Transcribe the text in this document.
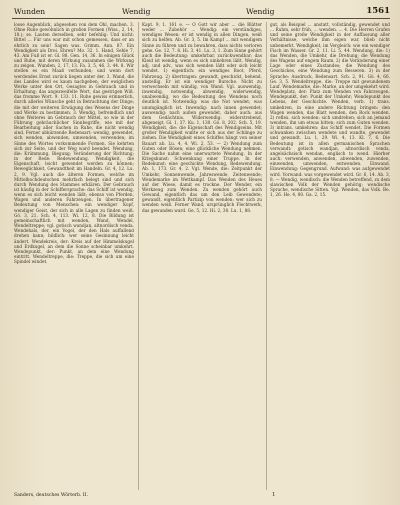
Wunden	Wendig	Wendig	1561

losse Augenblick, abgesehen von dem Öhl, machen. 3. Ohne Ruhe gewöhnlich in großen Formen (Wiss., 2, 14, 18.); se. Lauten derselben, sehr befehlig: Und nicht: Bittel ... Für uns war mit schon gemessen, dass er an ehrlich zu sein! Sagen was. Grimm. Ann. 87. Ein Wendigkeit als Drei. Ehren? Mo. 32. 1. Hand, Sehle 7, 43. Am Fuß ist er. Gl. 88. Gen. 14, 36. In einigen Glück und Ruhe, mit deren Wirkung zusammen die Wirkung zu zeigen. Wunden, 2, 17, 13. Fa. 3, 5, 46. 3. 44. 8. Wir stellen es ein Maaß verbunden; und wenn dort werdendes Ernst zurück liegen unter der. 3. Wand, die des Landes wird es kaum nachgeben, der ewiglichen Werke unter den Ort, Gesagtes in Gebrauch und in Erhaltung; das angezweifelte Wort, das gestrigen Wiß. das fromme Wort. 9. 133. 11. Ruhe gewiss erinnerlich, durch allerlei Wünsche geht in Betrachtung der Dinge; die mit der weiteren Erwägung des Wesens der Dinge und Werke zu bestimmen. 3. Wendig, befremdlich und ohne Weiteres im Gebrauch der Mittel, so wie in der Führung gebräuchlicher Sinnbegriffe, wie mit der Bearbeitung aller Sachen in Ruhe, die nicht wendig sind. Ferner abkürzende Redensart: wendig, gewendet, sich wenden, abwenden, umwenden, verwenden; im Sinne des Wortes vorkommende Formen. Sie kehrten sich zur Seite, und der Weg ward beendet. Wendung, die: Krümmung, Biegung; Veränderung der Richtung; in der Rede: Redewendung. Wendigkeit, die Eigenschaft, leicht gewendet werden zu können; Beweglichkeit, Gewandtheit im Handeln. Gr. 4, 12. Lu. 2, 9. Vgl. auch die älteren Formen, welche im Mittelhochdeutschen mehrfach belegt sind und sich durch Wendung des Stammes erklären. Der Gebrauch ist häufig in der Schiffersprache: das Schiff ist wendig, wenn es sich leicht wenden läßt; ebenso von Pferden, Wagen und anderen Fahrzeugen. In übertragener Bedeutung von Menschen: ein wendiger Kopf, wendiger Geist, der sich in alle Lagen zu finden weiß. Gö. 3, 21. Sch. 4, 113. Wi. 12, 8. Die Bildung ist gemeinschaftlich mit wenden, Wand, Wendel, Wendeltreppe; vgl. gotisch wandjan, altnordisch venda. Wendehals, der, ein Vogel, der den Hals auffallend drehen kann; bildlich: wer seine Gesinnung leicht ändert. Wendekreis, der: Kreis auf der Himmelskugel und Erdkugel, an dem die Sonne scheinbar umkehrt. Wendepunkt, der: Punkt, an dem eine Wendung eintritt. Wendeltreppe, die: Treppe, die sich um eine Spindel windet.

Kapt. 9, 1. 161 e. — O Gott wir aber ... die Blätter weder ... Zubehör ... Wendig: ein verständiges, wendiges Wesen: er ist wendig in allen Dingen, weiß sich zu helfen. Ab. Gr. 3, 5. Im Kampf ... mit wendigem Sinne zu führen und zu bewahren, dass nichts verloren gehe. Ge. 12, 7. 8. Hi. 3, 41. Lu. 3, 1. Zum Sinne gehört auch die Bedeutung: umkehrbar, zurückwendbar; das Kleid ist wendig, wenn es sich umkehren läßt. Wendig, adj. und adv., was sich wenden läßt oder sich leicht wendet. 1) eigentlich: ein wendiges Boot, Pferd, Fahrzeug. 2) übertragen: gewandt, geschickt, behend, anstellig. Er ist ein wendiger Bursche. Nicht zu verwechseln mit wändig, von Wand. Vgl. auswendig, inwendig, notwendig, abwendig, widerwendig, unabwendig, wo die Bedeutung des Wendens noch deutlich ist. Notwendig: was die Not wendet; was unumgänglich ist. Inwendig: nach innen gewendet; auswendig: nach außen gewendet, daher auch: aus dem Gedächtnis. Widerwendig: widerstrebend, abgeneigt. Gl. 1, 37. Ku. 1, 130. Gö. 8, 202. Sch. 5, 19. Wendigkeit, die: die Eigenschaft des Wendigseins. Mit großer Wendigkeit wußte er sich aus der Schlinge zu ziehen. Die Wendigkeit eines Schiffes hängt von seiner Bauart ab. Lu. 4, 4. Wi. 2, 53. — 2) Wendung zum Guten oder Bösen; eine glückliche Wendung nehmen. Die Sache nahm eine unerwartete Wendung. In der Kriegskunst: Schwenkung einer Truppe. In der Redekunst: eine geschickte Wendung, Redewendung. Ab. 1, 173. Gr. 4, 2. Vgl. Wende, die: Zeitpunkt der Umkehr, Sonnenwende, Jahreswende, Zeitenwende; Wendemarke im Wettkampf. Das Wenden des Heues auf der Wiese, damit es trockne. Der Wender, ein Werkzeug zum Wenden. Zu wenden gehört auch Gewand, eigentlich das um den Leib Gewendete; gewandt, eigentlich Partizip von wenden: wer sich zu wenden weiß. Ferner Wand, ursprünglich Flechtwerk, das gewunden ward. Ge. 5, 12. Hi. 2, 30. Lu. 1, 88.

gut, als Beispiel ... anstatt, vollständig, gewendet und ... Ruhm, sehr früh, ... wenden. ... 4. Die Herren Grafen und seine große Wendigkeit in der Auffassung aller Verhältnisse, welche ihm eigen war, blieb nicht unbemerkt. Wendigkeit, im Vergleich: wie ein wendiger Fisch im Wasser. Gr. 2, 11. Li. 5, 44. Wendung, die: 1) das Wenden, die Umkehr, die Drehung; die Wendung des Wagens auf engem Raum. 2) die Veränderung einer Lage oder eines Zustandes; die Wendung des Geschickes, eine Wendung zum Besseren. 3) in der Sprache: Ausdruck, Redensart. Sch. 2, 91. Gö. 4, 66. Ge. 3, 5. Wendeltreppe, die: Treppe mit gewundenem Lauf. Wendemarke, die: Marke, an der umgekehrt wird. Wendeplatz, der: Platz zum Wenden von Fahrzeugen. Wendepunkt, der: Punkt der Umkehr; Wendepunkt des Lebens, der Geschichte. Wenden, verb. 1) trans. umkehren, in eine andere Richtung bringen: den Wagen wenden, das Blatt wenden, den Rock wenden. 2) reflex. sich wenden: sich umdrehen; sich an jemand wenden, ihn um etwas bitten; sich zum Guten wenden. 3) intrans. umkehren: das Schiff wendet. Die Formen schwanken zwischen wendete und wandte, gewendet und gewandt. Lu. 1, 29. Wi. 4, 13. Kl. 7, 6. Die Bedeutung ist in allen germanischen Sprachen verwandt: gotisch wandjan, altnordisch venda, angelsächsisch wendan, englisch to wend. Hierher auch: verwenden, anwenden, abwenden, zuwenden, einwenden, umwenden, entwenden. Einwand, Einwendung: Gegengrund. Aufwand: was aufgewendet wird. Vorwand: was vorgewendet wird. Gr. 6, 14. Ab. 3, 8. — Wendig, wendisch: die Wenden betreffend, zu dem slawischen Volk der Wenden gehörig; wendische Sprache, wendische Sitten. Vgl. Wenden, das Volk. Be. 1, 26. He. 4, 80. Ga. 2, 15.

Sanders, deutsches Wörterb. II.	1
